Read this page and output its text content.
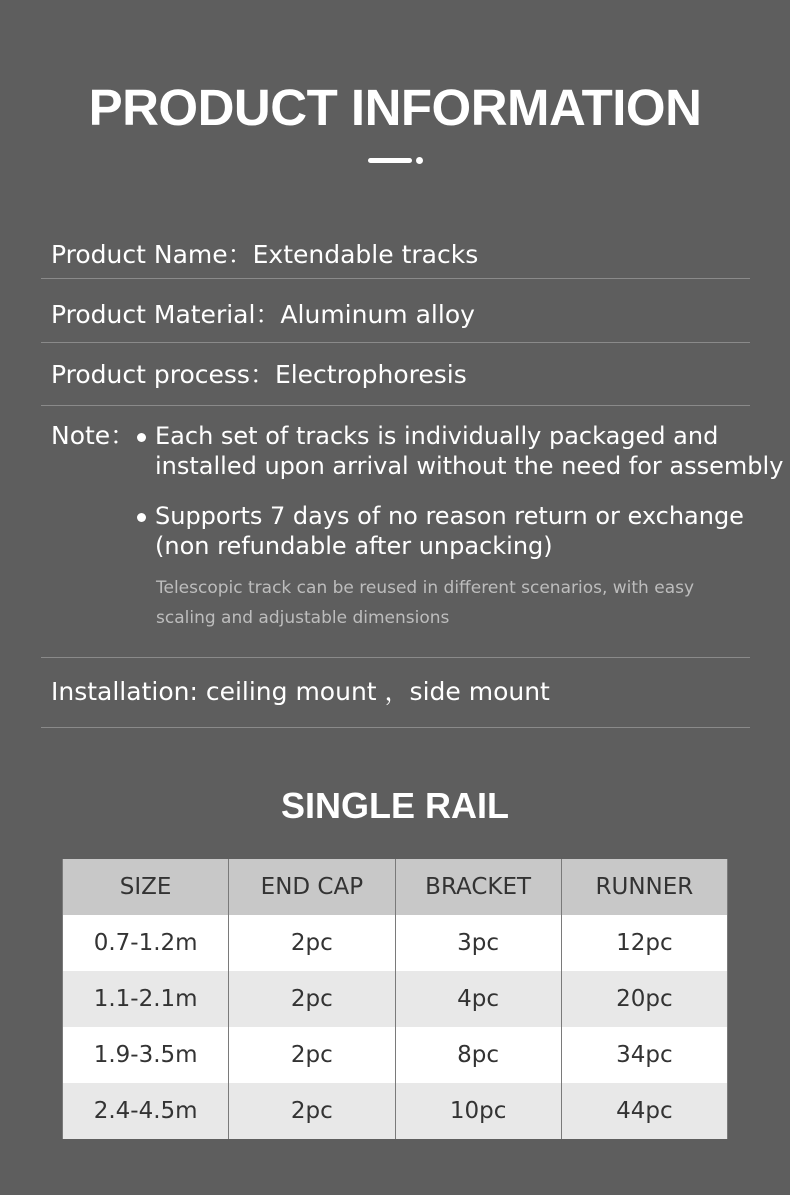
PRODUCT INFORMATION
Product Name：Extendable tracks
Product Material：Aluminum alloy
Product process：Electrophoresis
Note： Each set of tracks is individually packaged and
installed upon arrival without the need for assembly
Supports 7 days of no reason return or exchange
(non refundable after unpacking)
Telescopic track can be reused in different scenarios, with easy scaling and adjustable dimensions
Installation: ceiling mount ，side mount
SINGLE RAIL
SIZE	END CAP	BRACKET	RUNNER
0.7-1.2m	2pc	3pc	12pc
1.1-2.1m	2pc	4pc	20pc
1.9-3.5m	2pc	8pc	34pc
2.4-4.5m	2pc	10pc	44pc
